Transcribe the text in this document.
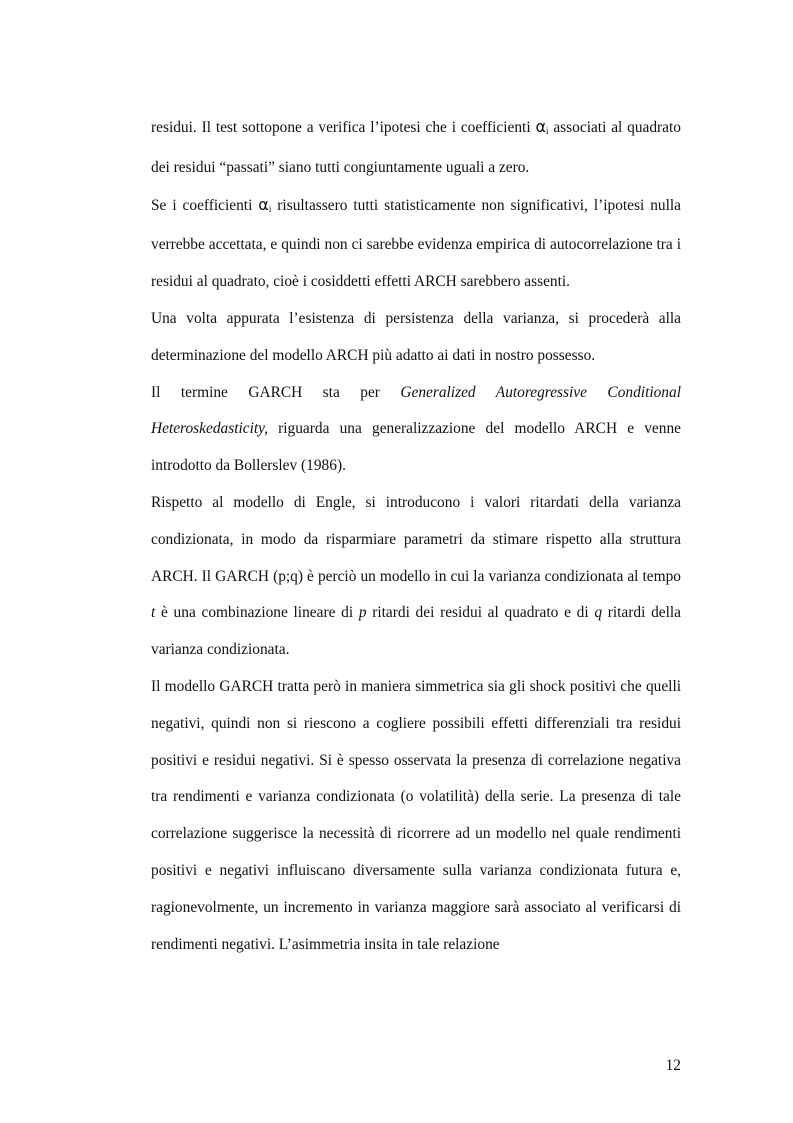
residui. Il test sottopone a verifica l’ipotesi che i coefficienti $\alpha_i$ associati al quadrato dei residui “passati” siano tutti congiuntamente uguali a zero.

Se i coefficienti $\alpha_i$ risultassero tutti statisticamente non significativi, l’ipotesi nulla verrebbe accettata, e quindi non ci sarebbe evidenza empirica di autocorrelazione tra i residui al quadrato, cioè i cosiddetti effetti ARCH sarebbero assenti.

Una volta appurata l’esistenza di persistenza della varianza, si procederà alla determinazione del modello ARCH più adatto ai dati in nostro possesso.

Il termine GARCH sta per Generalized Autoregressive Conditional Heteroskedasticity, riguarda una generalizzazione del modello ARCH e venne introdotto da Bollerslev (1986).

Rispetto al modello di Engle, si introducono i valori ritardati della varianza condizionata, in modo da risparmiare parametri da stimare rispetto alla struttura ARCH. Il GARCH (p;q) è perciò un modello in cui la varianza condizionata al tempo t è una combinazione lineare di p ritardi dei residui al quadrato e di q ritardi della varianza condizionata.

Il modello GARCH tratta però in maniera simmetrica sia gli shock positivi che quelli negativi, quindi non si riescono a cogliere possibili effetti differenziali tra residui positivi e residui negativi. Si è spesso osservata la presenza di correlazione negativa tra rendimenti e varianza condizionata (o volatilità) della serie. La presenza di tale correlazione suggerisce la necessità di ricorrere ad un modello nel quale rendimenti positivi e negativi influiscano diversamente sulla varianza condizionata futura e, ragionevolmente, un incremento in varianza maggiore sarà associato al verificarsi di rendimenti negativi. L’asimmetria insita in tale relazione

12
